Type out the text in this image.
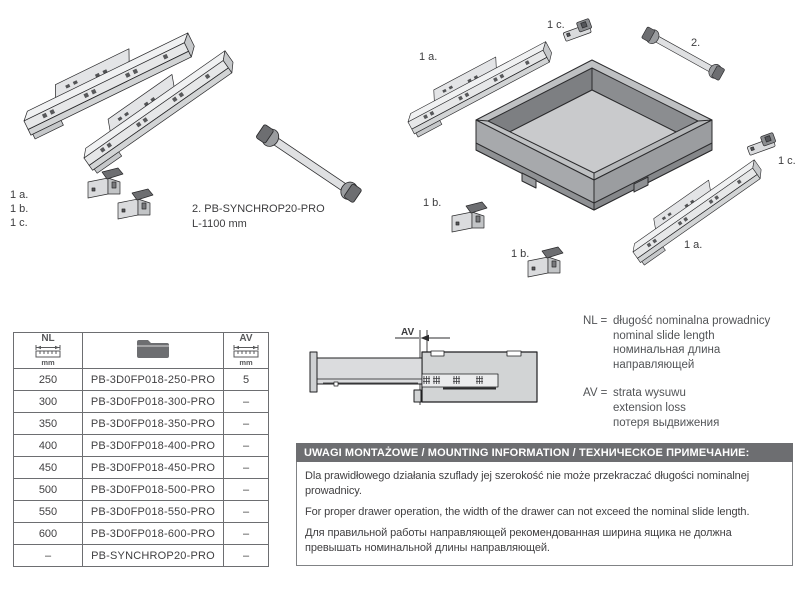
1 a.
1 b.
1 c.
2. PB-SYNCHROP20-PRO
L-1100 mm
1 a.
1 c.
2.
1 c.
1 b.
1 b.
1 a.
NL
mm		AV
mm

250	PB-3D0FP018-250-PRO	5
300	PB-3D0FP018-300-PRO	–
350	PB-3D0FP018-350-PRO	–
400	PB-3D0FP018-400-PRO	–
450	PB-3D0FP018-450-PRO	–
500	PB-3D0FP018-500-PRO	–
550	PB-3D0FP018-550-PRO	–
600	PB-3D0FP018-600-PRO	–
–	PB-SYNCHROP20-PRO	–
AV
NL = długość nominalna prowadnicy
nominal slide length
номинальная длина
направляющей
AV = strata wysuwu
extension loss
потеря выдвижения
UWAGI MONTAŻOWE / MOUNTING INFORMATION / ТЕХНИЧЕСКОЕ ПРИМЕЧАНИЕ:

Dla prawidłowego działania szuflady jej szerokość nie może przekraczać długości nominalnej prowadnicy.

For proper drawer operation, the width of the drawer can not exceed the nominal slide length.

Для правильной работы направляющей рекомендованная ширина ящика не должна превышать номинальной длины направляющей.
